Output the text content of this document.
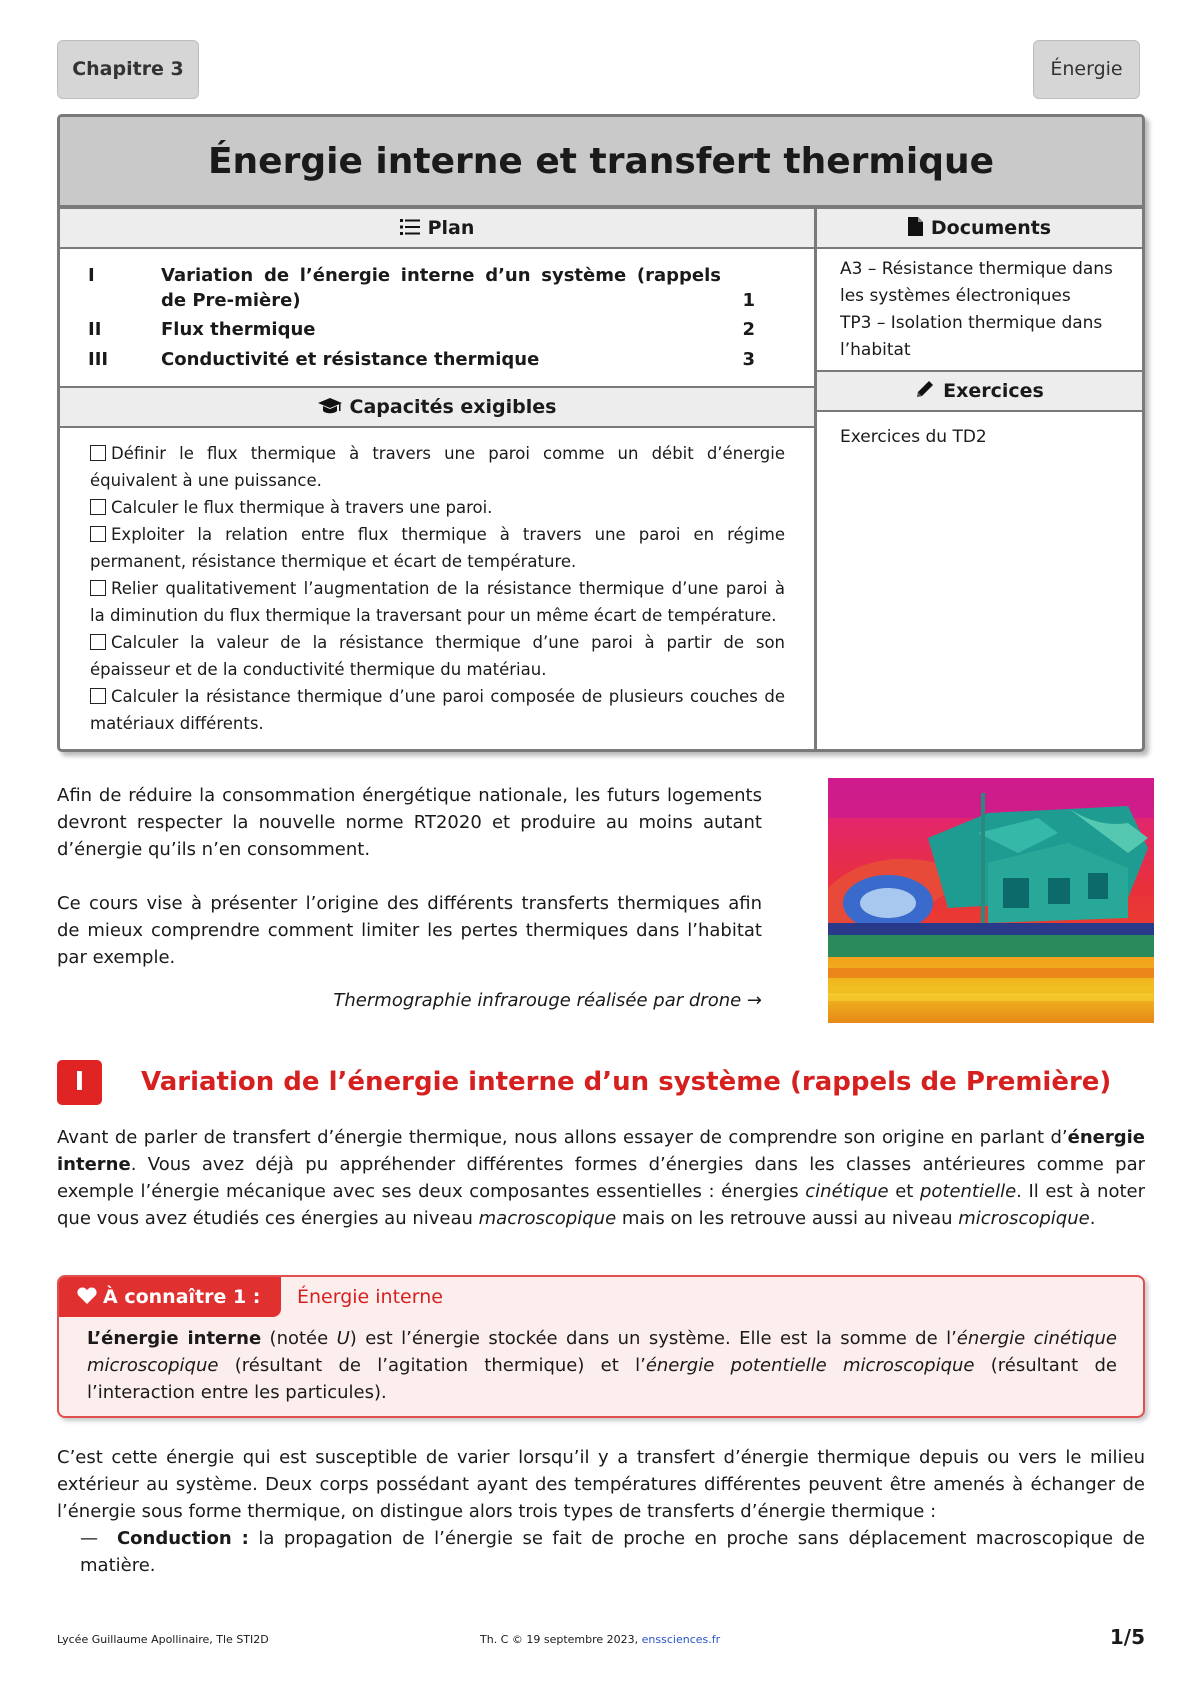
Chapitre 3	Énergie
Énergie interne et transfert thermique
Plan	Documents
I	Variation de l’énergie interne d’un système (rappels de Pre-mière)	1
II	Flux thermique	2
III	Conductivité et résistance thermique	3
Capacités exigibles

Définir le flux thermique à travers une paroi comme un débit d’énergie équivalent à une puissance.

Calculer le flux thermique à travers une paroi.

Exploiter la relation entre flux thermique à travers une paroi en régime permanent, résistance thermique et écart de température.

Relier qualitativement l’augmentation de la résistance thermique d’une paroi à la diminution du flux thermique la traversant pour un même écart de température.

Calculer la valeur de la résistance thermique d’une paroi à partir de son épaisseur et de la conductivité thermique du matériau.

Calculer la résistance thermique d’une paroi composée de plusieurs couches de matériaux différents.

A3 – Résistance thermique dans les systèmes électroniques
TP3 – Isolation thermique dans l’habitat
Exercices
Exercices du TD2
Afin de réduire la consommation énergétique nationale, les futurs logements devront respecter la nouvelle norme RT2020 et produire au moins autant d’énergie qu’ils n’en consomment.
Ce cours vise à présenter l’origine des différents transferts thermiques afin de mieux comprendre comment limiter les pertes thermiques dans l’habitat par exemple.
Thermographie infrarouge réalisée par drone →
I	Variation de l’énergie interne d’un système (rappels de Première)
Avant de parler de transfert d’énergie thermique, nous allons essayer de comprendre son origine en parlant d’énergie interne. Vous avez déjà pu appréhender différentes formes d’énergies dans les classes antérieures comme par exemple l’énergie mécanique avec ses deux composantes essentielles : énergies cinétique et potentielle. Il est à noter que vous avez étudiés ces énergies au niveau macroscopique mais on les retrouve aussi au niveau microscopique.
À connaître 1 :	Énergie interne
L’énergie interne (notée U) est l’énergie stockée dans un système. Elle est la somme de l’énergie cinétique microscopique (résultant de l’agitation thermique) et l’énergie potentielle microscopique (résultant de l’interaction entre les particules).
C’est cette énergie qui est susceptible de varier lorsqu’il y a transfert d’énergie thermique depuis ou vers le milieu extérieur au système. Deux corps possédant ayant des températures différentes peuvent être amenés à échanger de l’énergie sous forme thermique, on distingue alors trois types de transferts d’énergie thermique :
— Conduction : la propagation de l’énergie se fait de proche en proche sans déplacement macroscopique de matière.
Lycée Guillaume Apollinaire, Tle STI2D	Th. C © 19 septembre 2023, enssciences.fr	1/5
